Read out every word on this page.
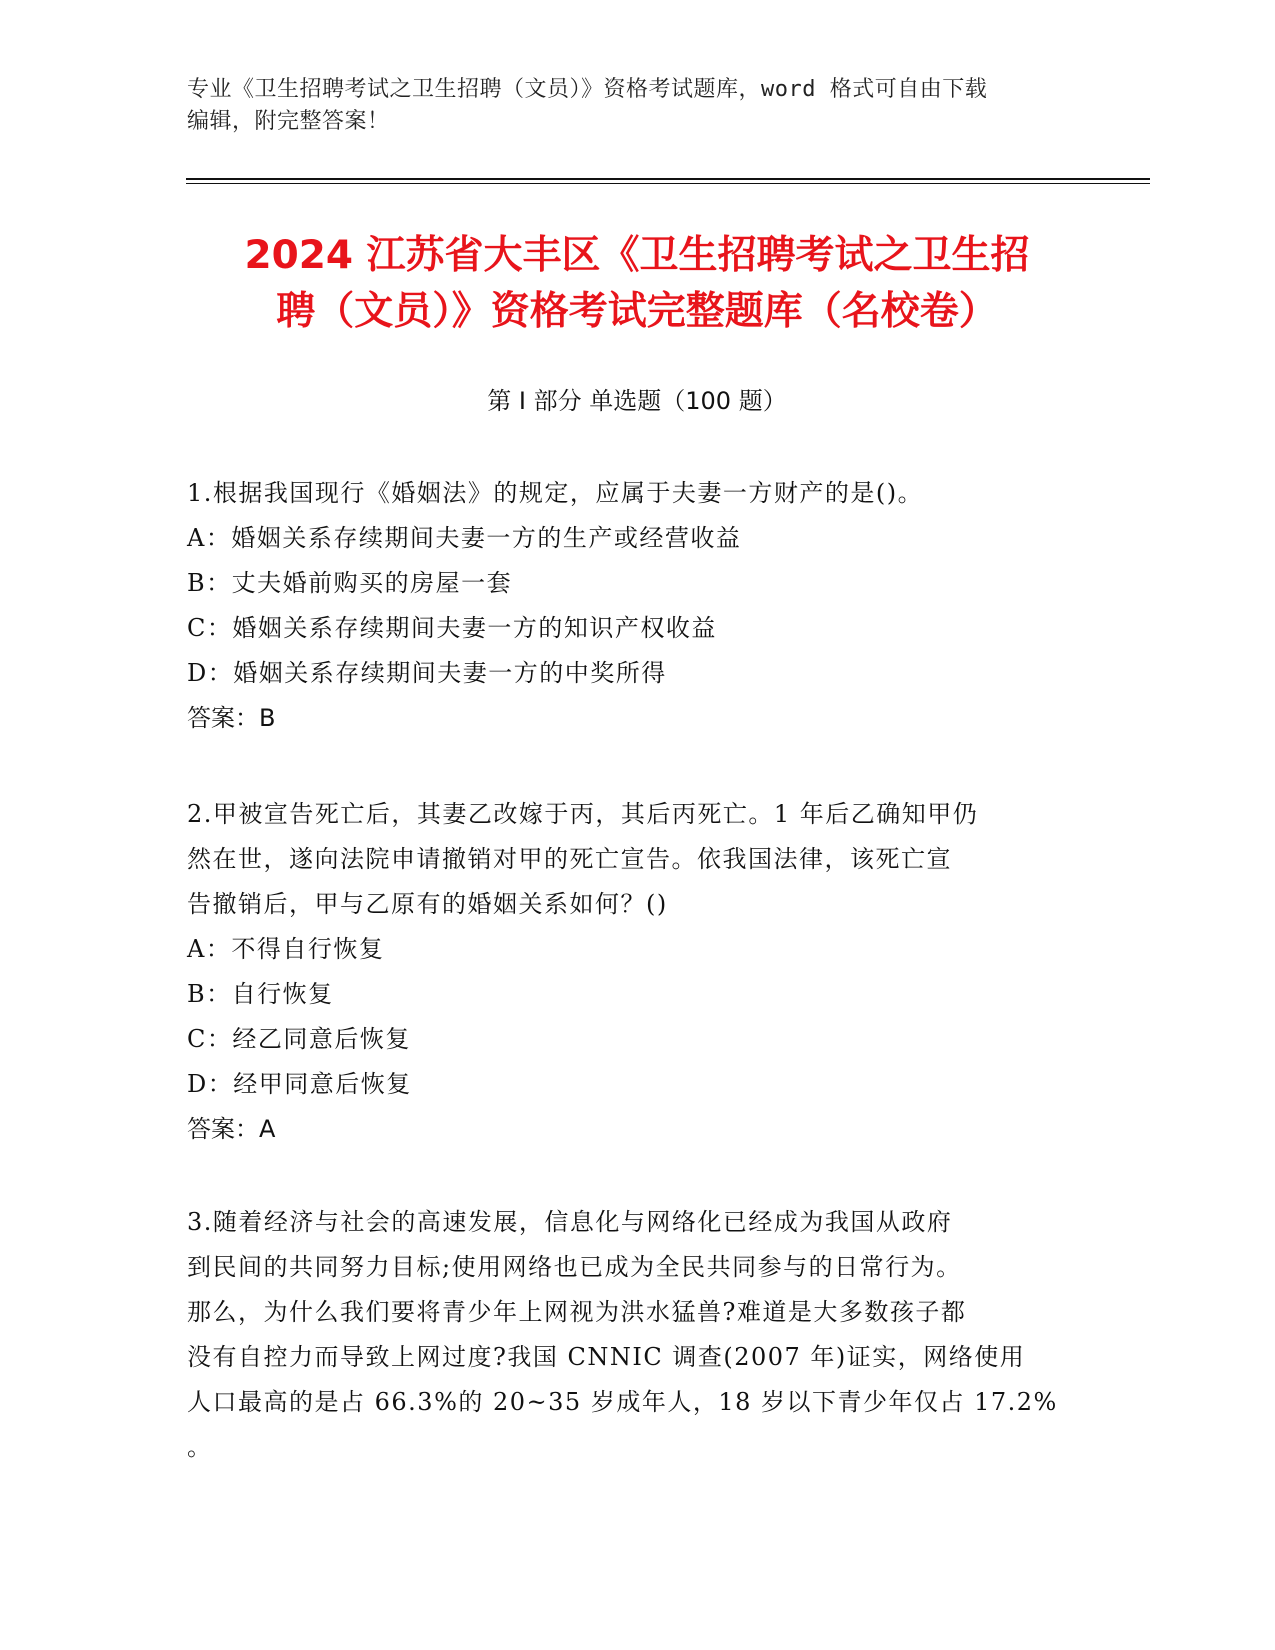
专业《卫生招聘考试之卫生招聘（文员）》资格考试题库，word 格式可自由下载
编辑，附完整答案！
2024 江苏省大丰区《卫生招聘考试之卫生招
聘（文员）》资格考试完整题库（名校卷）
第 I 部分 单选题（100 题）

1.根据我国现行《婚姻法》的规定，应属于夫妻一方财产的是()。

A：婚姻关系存续期间夫妻一方的生产或经营收益

B：丈夫婚前购买的房屋一套

C：婚姻关系存续期间夫妻一方的知识产权收益

D：婚姻关系存续期间夫妻一方的中奖所得

答案：B

2.甲被宣告死亡后，其妻乙改嫁于丙，其后丙死亡。1 年后乙确知甲仍

然在世，遂向法院申请撤销对甲的死亡宣告。依我国法律，该死亡宣

告撤销后，甲与乙原有的婚姻关系如何？()

A：不得自行恢复

B：自行恢复

C：经乙同意后恢复

D：经甲同意后恢复

答案：A

3.随着经济与社会的高速发展，信息化与网络化已经成为我国从政府

到民间的共同努力目标;使用网络也已成为全民共同参与的日常行为。

那么，为什么我们要将青少年上网视为洪水猛兽?难道是大多数孩子都

没有自控力而导致上网过度?我国 CNNIC 调查(2007 年)证实，网络使用

人口最高的是占 66.3%的 20~35 岁成年人，18 岁以下青少年仅占 17.2%

。
